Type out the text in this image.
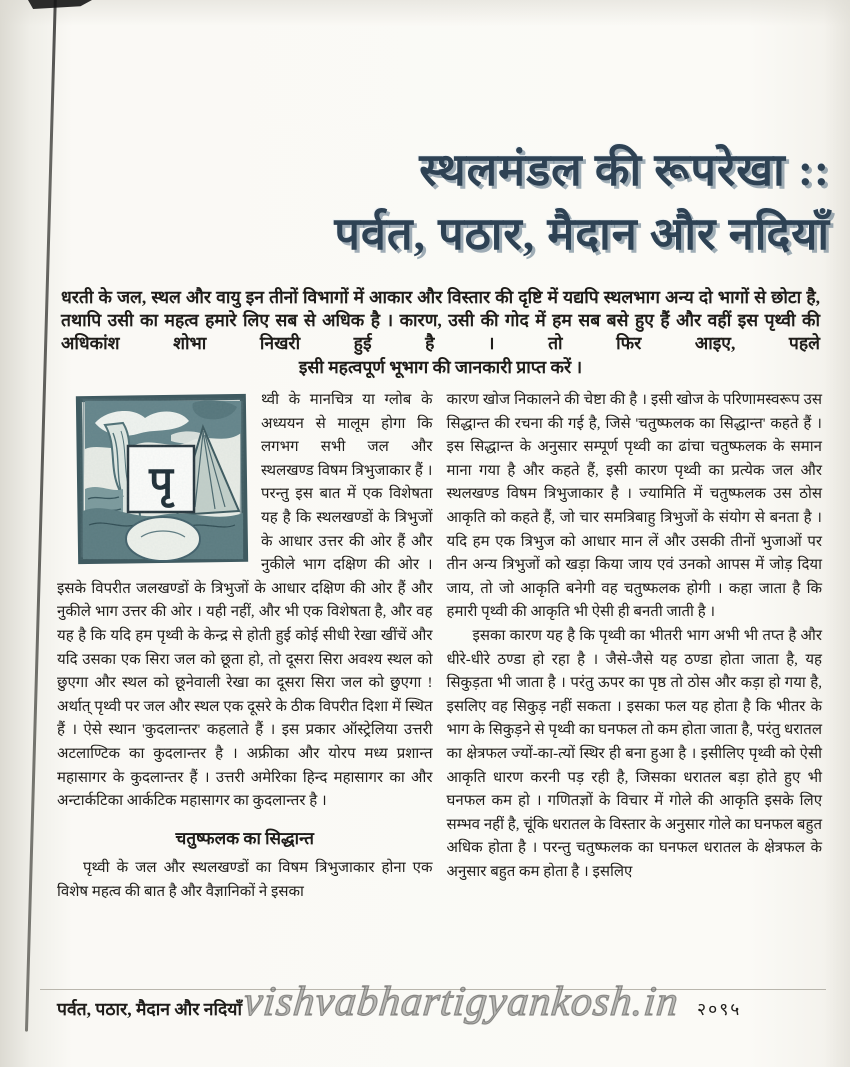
स्थलमंडल की रूपरेखा ::
पर्वत, पठार, मैदान और नदियाँ
धरती के जल, स्थल और वायु इन तीनों विभागों में आकार और विस्तार की दृष्टि में यद्यपि स्थलभाग अन्य दो भागों से छोटा है, तथापि उसी का महत्व हमारे लिए सब से अधिक है । कारण, उसी की गोद में हम सब बसे हुए हैं और वहीं इस पृथ्वी की अधिकांश शोभा निखरी हुई है । तो फिर आइए, पहले
इसी महत्वपूर्ण भूभाग की जानकारी प्राप्त करें ।

थ्वी के मानचित्र या ग्लोब के अध्ययन से मालूम होगा कि लगभग सभी जल और स्थलखण्ड विषम त्रिभुजाकार हैं । परन्तु इस बात में एक विशेषता यह है कि स्थलखण्डों के त्रिभुजों के आधार उत्तर की ओर हैं और नुकीले भाग दक्षिण की ओर । इसके विपरीत जलखण्डों के त्रिभुजों के आधार दक्षिण की ओर हैं और नुकीले भाग उत्तर की ओर । यही नहीं, और भी एक विशेषता है, और वह यह है कि यदि हम पृथ्वी के केन्द्र से होती हुई कोई सीधी रेखा खींचें और यदि उसका एक सिरा जल को छूता हो, तो दूसरा सिरा अवश्य स्थल को छुएगा और स्थल को छूनेवाली रेखा का दूसरा सिरा जल को छुएगा ! अर्थात् पृथ्वी पर जल और स्थल एक दूसरे के ठीक विपरीत दिशा में स्थित हैं । ऐसे स्थान 'कुदलान्तर' कहलाते हैं । इस प्रकार ऑस्ट्रेलिया उत्तरी अटलाण्टिक का कुदलान्तर है । अफ्रीका और योरप मध्य प्रशान्त महासागर के कुदलान्तर हैं । उत्तरी अमेरिका हिन्द महासागर का और अन्टार्कटिका आर्कटिक महासागर का कुदलान्तर है ।

चतुष्फलक का सिद्धान्त

पृथ्वी के जल और स्थलखण्डों का विषम त्रिभुजाकार होना एक विशेष महत्व की बात है और वैज्ञानिकों ने इसका

कारण खोज निकालने की चेष्टा की है । इसी खोज के परिणामस्वरूप उस सिद्धान्त की रचना की गई है, जिसे 'चतुष्फलक का सिद्धान्त' कहते हैं । इस सिद्धान्त के अनुसार सम्पूर्ण पृथ्वी का ढांचा चतुष्फलक के समान माना गया है और कहते हैं, इसी कारण पृथ्वी का प्रत्येक जल और स्थलखण्ड विषम त्रिभुजाकार है । ज्यामिति में चतुष्फलक उस ठोस आकृति को कहते हैं, जो चार समत्रिबाहु त्रिभुजों के संयोग से बनता है । यदि हम एक त्रिभुज को आधार मान लें और उसकी तीनों भुजाओं पर तीन अन्य त्रिभुजों को खड़ा किया जाय एवं उनको आपस में जोड़ दिया जाय, तो जो आकृति बनेगी वह चतुष्फलक होगी । कहा जाता है कि हमारी पृथ्वी की आकृति भी ऐसी ही बनती जाती है ।

इसका कारण यह है कि पृथ्वी का भीतरी भाग अभी भी तप्त है और धीरे-धीरे ठण्डा हो रहा है । जैसे-जैसे यह ठण्डा होता जाता है, यह सिकुड़ता भी जाता है । परंतु ऊपर का पृष्ठ तो ठोस और कड़ा हो गया है, इसलिए वह सिकुड़ नहीं सकता । इसका फल यह होता है कि भीतर के भाग के सिकुड़ने से पृथ्वी का घनफल तो कम होता जाता है, परंतु धरातल का क्षेत्रफल ज्यों-का-त्यों स्थिर ही बना हुआ है । इसीलिए पृथ्वी को ऐसी आकृति धारण करनी पड़ रही है, जिसका धरातल बड़ा होते हुए भी घनफल कम हो । गणितज्ञों के विचार में गोले की आकृति इसके लिए सम्भव नहीं है, चूंकि धरातल के विस्तार के अनुसार गोले का घनफल बहुत अधिक होता है । परन्तु चतुष्फलक का घनफल धरातल के क्षेत्रफल के अनुसार बहुत कम होता है । इसलिए

पर्वत, पठार, मैदान और नदियाँ	२०९५
vishvabhartigyankosh.in
